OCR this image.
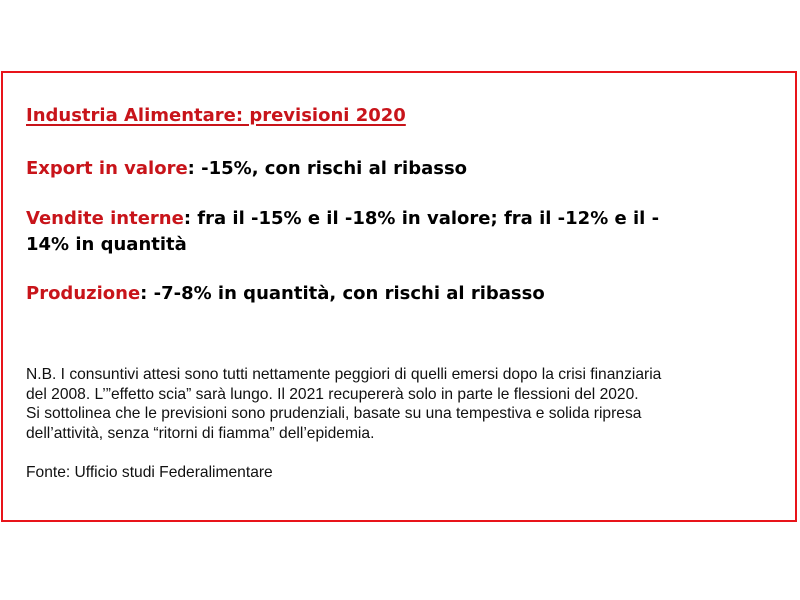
Industria Alimentare: previsioni 2020

Export in valore: -15%, con rischi al ribasso

Vendite interne: fra il -15% e il -18% in valore; fra il -12% e il -
14% in quantità

Produzione: -7-8% in quantità, con rischi al ribasso

N.B. I consuntivi attesi sono tutti nettamente peggiori di quelli emersi dopo la crisi finanziaria

del 2008. L’”effetto scia” sarà lungo. Il 2021 recupererà solo in parte le flessioni del 2020.

Si sottolinea che le previsioni sono prudenziali, basate su una tempestiva e solida ripresa

dell’attività, senza “ritorni di fiamma” dell’epidemia.

Fonte: Ufficio studi Federalimentare
